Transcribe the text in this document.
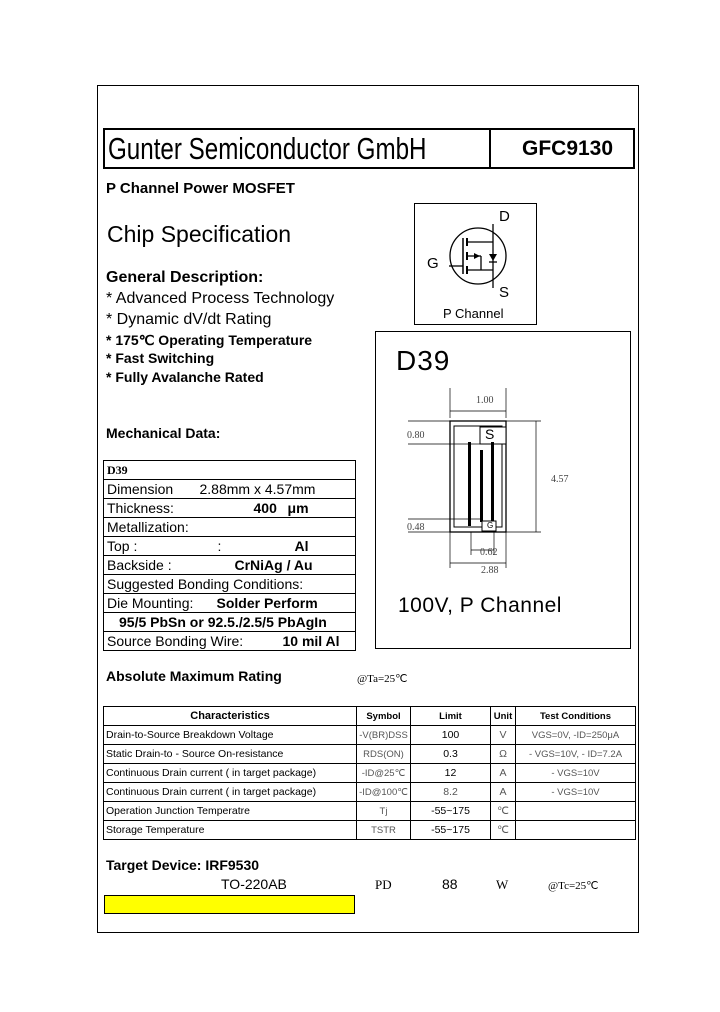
Gunter Semiconductor GmbH	GFC9130
P Channel Power MOSFET
Chip Specification
General Description:
* Advanced Process Technology
* Dynamic dV/dt Rating
* 175℃ Operating Temperature
* Fast Switching
* Fully Avalanche Rated
D
G
S
P Channel
D39
1.00
0.80
0.48
4.57
0.62
2.88
S
G
100V, P Channel
Mechanical Data:
D39
Dimension 2.88mm x 4.57mm

Thickness:	400 μm

Metallization:
Top :	:	Al

Backside :	CrNiAg / Au

Suggested Bonding Conditions:
Die Mounting: Solder Perform

95/5 PbSn or 92.5./2.5/5 PbAgIn
Source Bonding Wire:	10 mil Al
Absolute Maximum Rating	@Ta=25℃
Characteristics	Symbol	Limit	Unit	Test Conditions
Drain-to-Source Breakdown Voltage	-V(BR)DSS	100	V	VGS=0V, -ID=250μA
Static Drain-to - Source On-resistance	RDS(ON)	0.3	Ω	- VGS=10V, - ID=7.2A
Continuous Drain current ( in target package)	-ID@25℃	12	A	- VGS=10V
Continuous Drain current ( in target package)	-ID@100℃	8.2	A	- VGS=10V
Operation Junction Temperatre	Tj	-55~175	℃	
Storage Temperature	TSTR	-55~175	℃	
Target Device: IRF9530
TO-220AB	PD	88	W	@Tc=25℃
